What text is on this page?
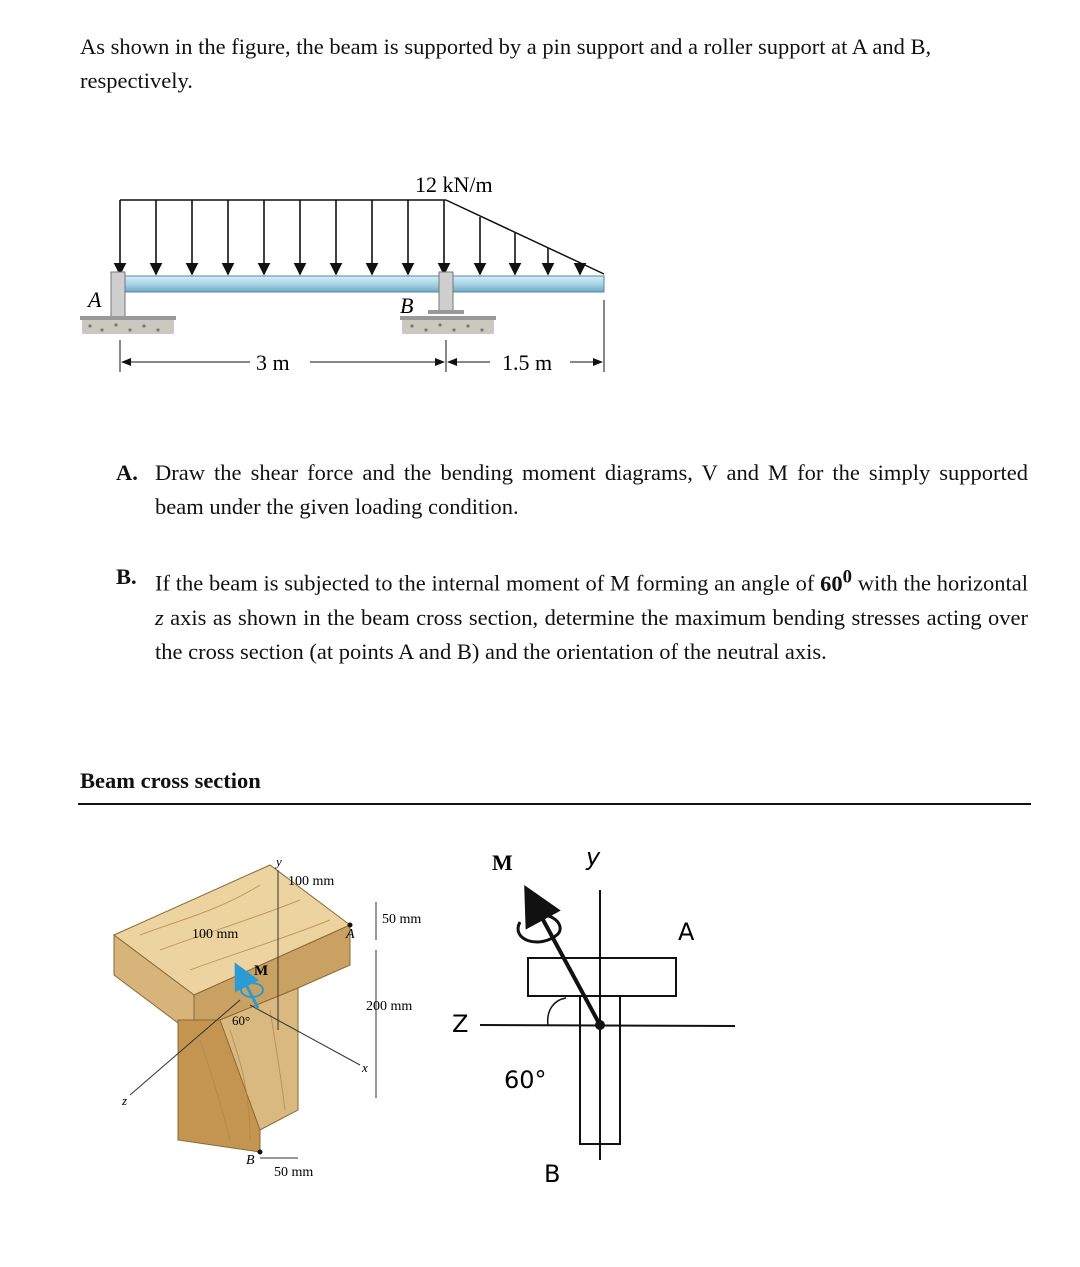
As shown in the figure, the beam is supported by a pin support and a roller support at A and B, respectively.
12 kN/m
A	B
3 m	1.5 m
A. Draw the shear force and the bending moment diagrams, V and M for the simply supported beam under the given loading condition.
B. If the beam is subjected to the internal moment of M forming an angle of $60^0$ with the horizontal z axis as shown in the beam cross section, determine the maximum bending stresses acting over the cross section (at points A and B) and the orientation of the neutral axis.
Beam cross section
y
z
x
M
60°
100 mm
100 mm
50 mm
200 mm
50 mm
A
B
y
Z
M
60°
A
B
